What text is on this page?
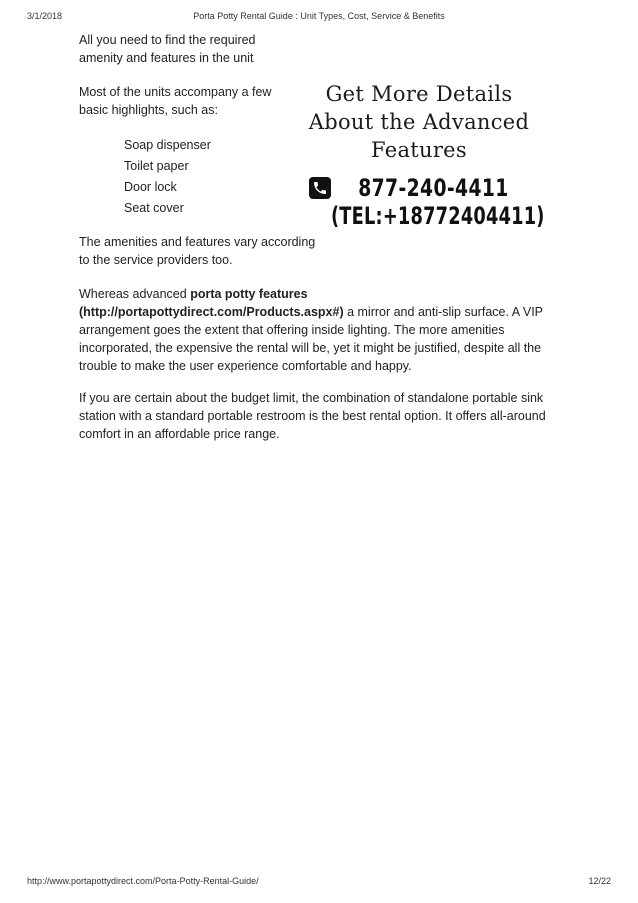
3/1/2018	Porta Potty Rental Guide : Unit Types, Cost, Service & Benefits

All you need to find the required amenity and features in the unit

Most of the units accompany a few basic highlights, such as:

Soap dispenser
Toilet paper
Door lock
Seat cover

The amenities and features vary according to the service providers too.

Whereas advanced porta potty features (http://portapottydirect.com/Products.aspx#) a mirror and anti-slip surface. A VIP arrangement goes the extent that offering inside lighting. The more amenities incorporated, the expensive the rental will be, yet it might be justified, despite all the trouble to make the user experience comfortable and happy.

If you are certain about the budget limit, the combination of standalone portable sink station with a standard portable restroom is the best rental option. It offers all-around comfort in an affordable price range.

Get More Details
About the Advanced
Features
877-240-4411
(TEL:+18772404411)
http://www.portapottydirect.com/Porta-Potty-Rental-Guide/	12/22
